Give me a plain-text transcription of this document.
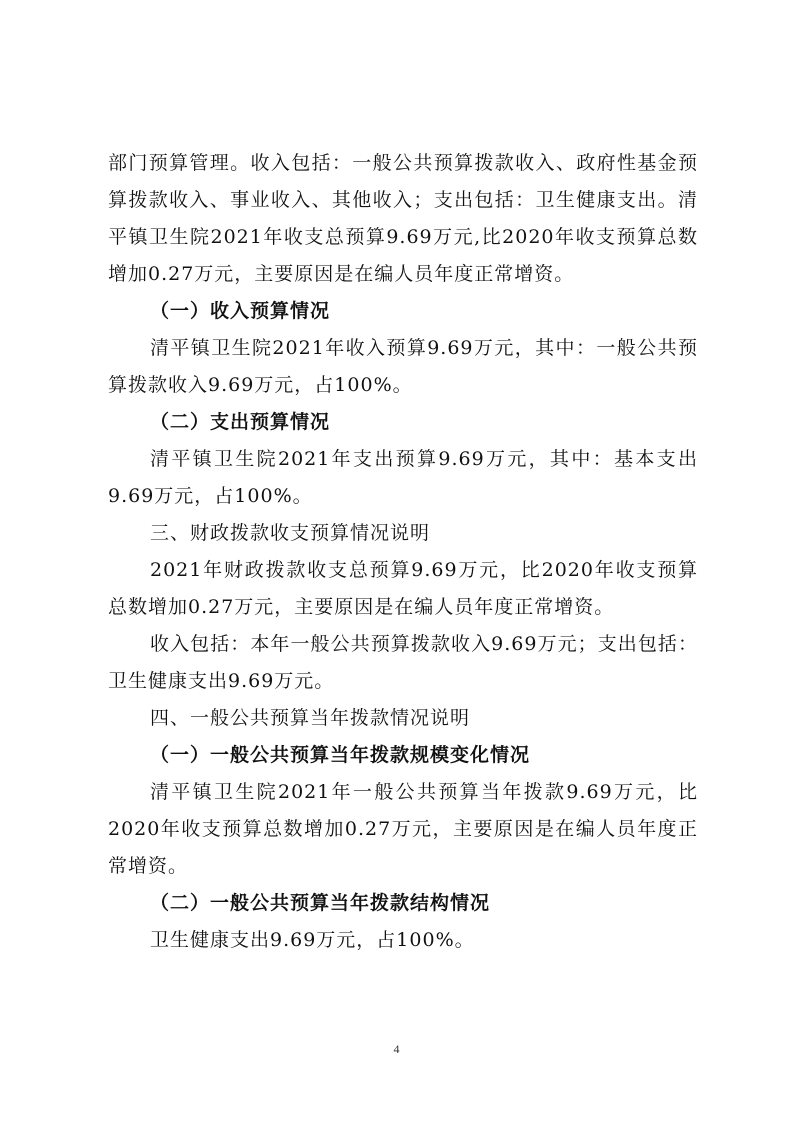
部门预算管理。收入包括：一般公共预算拨款收入、政府性基金预算拨款收入、事业收入、其他收入；支出包括：卫生健康支出。清平镇卫生院2021年收支总预算9.69万元,比2020年收支预算总数增加0.27万元，主要原因是在编人员年度正常增资。

（一）收入预算情况

清平镇卫生院2021年收入预算9.69万元，其中：一般公共预算拨款收入9.69万元，占100%。

（二）支出预算情况

清平镇卫生院2021年支出预算9.69万元，其中：基本支出9.69万元，占100%。

三、财政拨款收支预算情况说明

2021年财政拨款收支总预算9.69万元，比2020年收支预算总数增加0.27万元，主要原因是在编人员年度正常增资。

收入包括：本年一般公共预算拨款收入9.69万元；支出包括：卫生健康支出9.69万元。

四、一般公共预算当年拨款情况说明

（一）一般公共预算当年拨款规模变化情况

清平镇卫生院2021年一般公共预算当年拨款9.69万元，比2020年收支预算总数增加0.27万元，主要原因是在编人员年度正常增资。

（二）一般公共预算当年拨款结构情况

卫生健康支出9.69万元，占100%。

4
